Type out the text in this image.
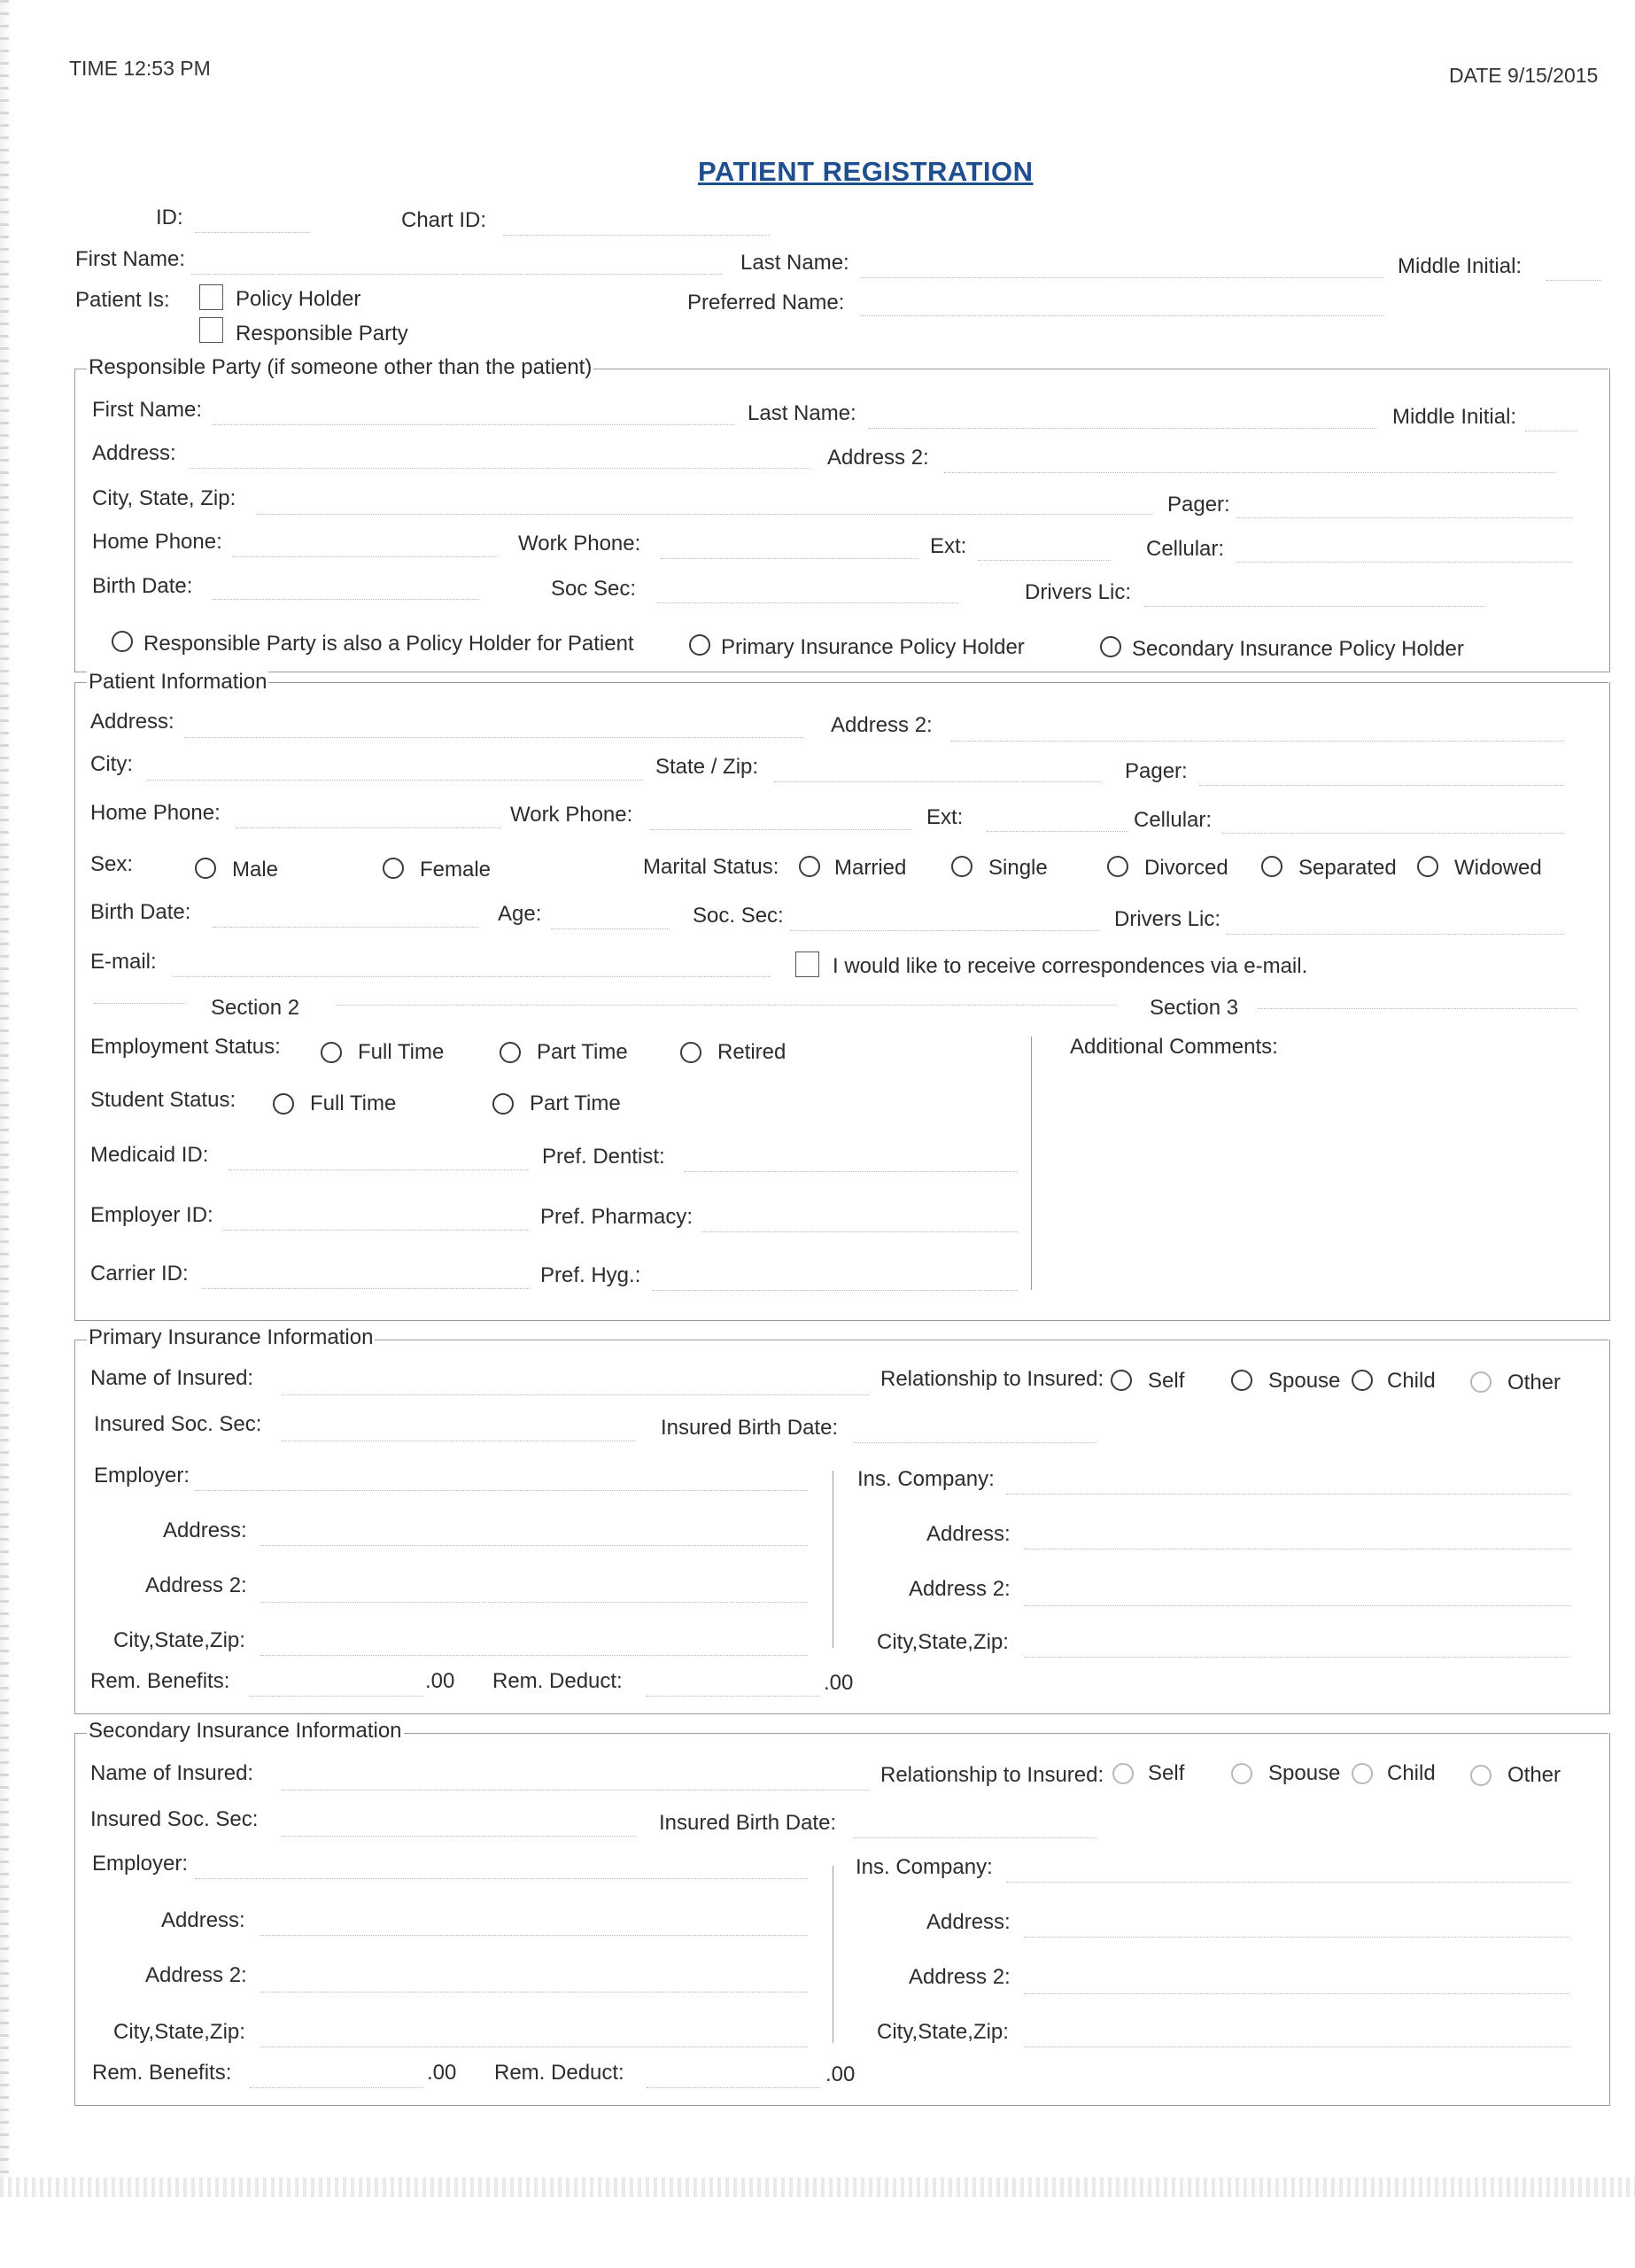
TIME 12:53 PM	DATE 9/15/2015
PATIENT REGISTRATION
ID:	Chart ID:
First Name:	Last Name:	Middle Initial:
Patient Is:	Policy Holder
Responsible Party
Preferred Name:
Responsible Party (if someone other than the patient)
First Name:	Last Name:	Middle Initial:
Address:	Address 2:
City, State, Zip:	Pager:
Home Phone:	Work Phone:	Ext:	Cellular:
Birth Date:	Soc Sec:	Drivers Lic:
Responsible Party is also a Policy Holder for Patient	Primary Insurance Policy Holder	Secondary Insurance Policy Holder
Patient Information
Address:	Address 2:
City:	State / Zip:	Pager:
Home Phone:	Work Phone:	Ext:	Cellular:
Sex:	Male	Female	Marital Status:	Married	Single	Divorced	Separated	Widowed
Birth Date:	Age:	Soc. Sec:	Drivers Lic:
E-mail:	I would like to receive correspondences via e-mail.
Section 2	Section 3
Employment Status:	Full Time	Part Time	Retired	Additional Comments:
Student Status:	Full Time	Part Time
Medicaid ID:	Pref. Dentist:
Employer ID:	Pref. Pharmacy:
Carrier ID:	Pref. Hyg.:
Primary Insurance Information
Name of Insured:	Relationship to Insured: Self	Spouse Child	Other
Insured Soc. Sec:	Insured Birth Date:
Employer:	Ins. Company:
Address:	Address:
Address 2:	Address 2:
City,State,Zip:	City,State,Zip:
Rem. Benefits:	.00 Rem. Deduct:	.00
Secondary Insurance Information
Name of Insured:	Relationship to Insured: Self	Spouse Child	Other
Insured Soc. Sec:	Insured Birth Date:
Employer:	Ins. Company:
Address:	Address:
Address 2:	Address 2:
City,State,Zip:	City,State,Zip:
Rem. Benefits:	.00 Rem. Deduct:	.00
